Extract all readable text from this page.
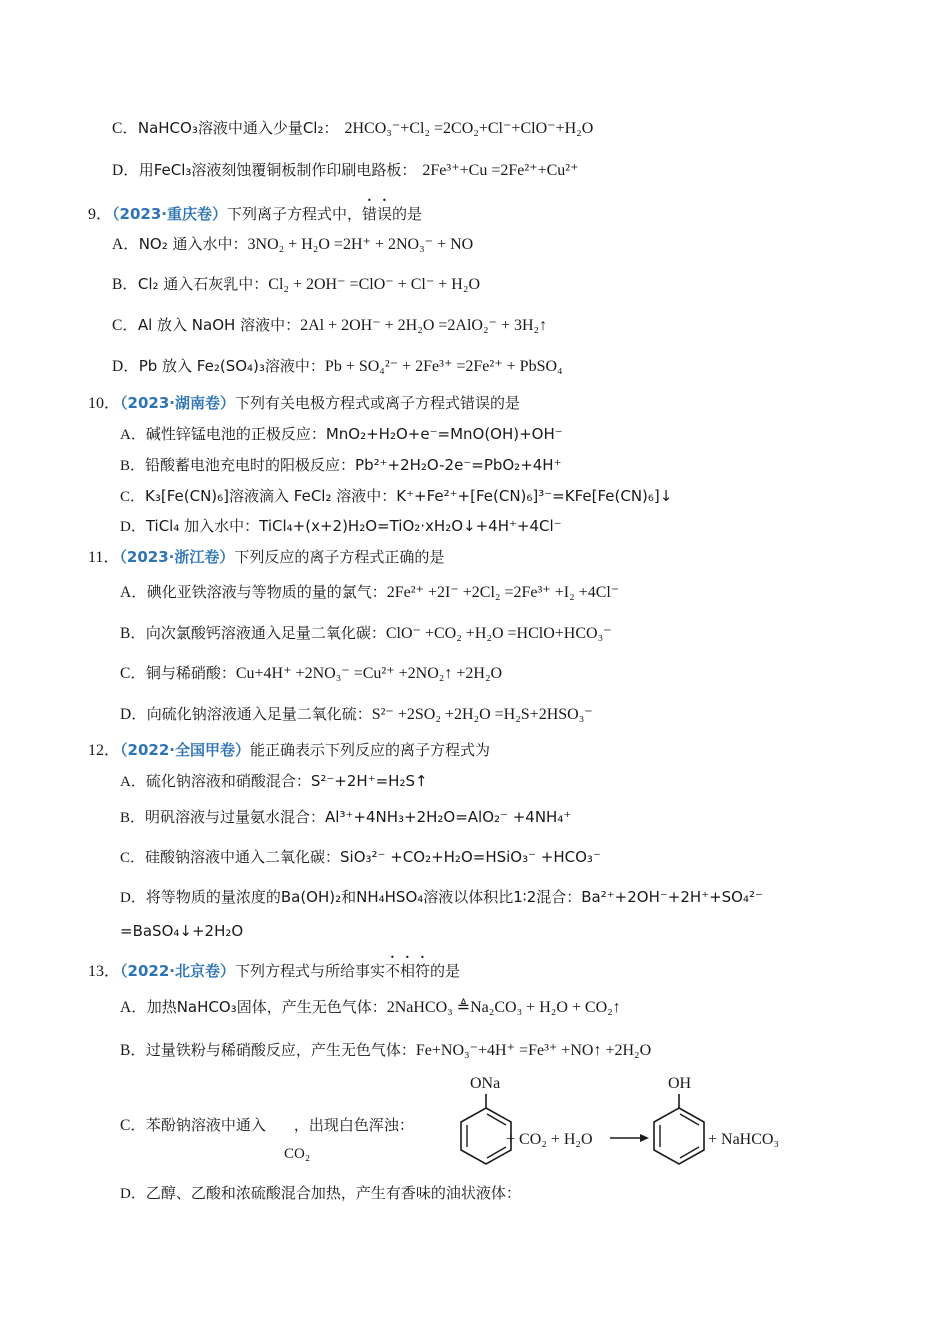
C．NaHCO₃溶液中通入少量Cl₂： 2HCO₃⁻+Cl₂ =2CO₂+Cl⁻+ClO⁻+H₂O
D．用FeCl₃溶液刻蚀覆铜板制作印刷电路板： 2Fe³⁺+Cu =2Fe²⁺+Cu²⁺
9．（2023·重庆卷）下列离子方程式中，错误的是
A．NO₂ 通入水中：3NO₂ + H₂O =2H⁺ + 2NO₃⁻ + NO
B．Cl₂ 通入石灰乳中：Cl₂ + 2OH⁻ =ClO⁻ + Cl⁻ + H₂O
C．Al 放入 NaOH 溶液中：2Al + 2OH⁻ + 2H₂O =2AlO₂⁻ + 3H₂↑
D．Pb 放入 Fe₂(SO₄)₃溶液中：Pb + SO₄²⁻ + 2Fe³⁺ =2Fe²⁺ + PbSO₄
10．（2023·湖南卷）下列有关电极方程式或离子方程式错误的是
A．碱性锌锰电池的正极反应：MnO₂+H₂O+e⁻=MnO(OH)+OH⁻
B．铅酸蓄电池充电时的阳极反应：Pb²⁺+2H₂O-2e⁻=PbO₂+4H⁺
C．K₃[Fe(CN)₆]溶液滴入 FeCl₂ 溶液中：K⁺+Fe²⁺+[Fe(CN)₆]³⁻=KFe[Fe(CN)₆]↓
D．TiCl₄ 加入水中：TiCl₄+(x+2)H₂O=TiO₂·xH₂O↓+4H⁺+4Cl⁻
11．（2023·浙江卷）下列反应的离子方程式正确的是
A．碘化亚铁溶液与等物质的量的氯气：2Fe²⁺ +2I⁻ +2Cl₂ =2Fe³⁺ +I₂ +4Cl⁻
B．向次氯酸钙溶液通入足量二氧化碳：ClO⁻ +CO₂ +H₂O =HClO+HCO₃⁻
C．铜与稀硝酸：Cu+4H⁺ +2NO₃⁻ =Cu²⁺ +2NO₂↑ +2H₂O
D．向硫化钠溶液通入足量二氧化硫：S²⁻ +2SO₂ +2H₂O =H₂S+2HSO₃⁻
12．（2022·全国甲卷）能正确表示下列反应的离子方程式为
A．硫化钠溶液和硝酸混合：S²⁻+2H⁺=H₂S↑
B．明矾溶液与过量氨水混合：Al³⁺+4NH₃+2H₂O=AlO₂⁻ +4NH₄⁺
C．硅酸钠溶液中通入二氧化碳：SiO₃²⁻ +CO₂+H₂O=HSiO₃⁻ +HCO₃⁻
D．将等物质的量浓度的Ba(OH)₂和NH₄HSO₄溶液以体积比1∶2混合：Ba²⁺+2OH⁻+2H⁺+SO₄²⁻
=BaSO₄↓+2H₂O
13．（2022·北京卷）下列方程式与所给事实不相符的是
A．加热NaHCO₃固体，产生无色气体：2NaHCO₃ ≜Na₂CO₃ + H₂O + CO₂↑
B．过量铁粉与稀硝酸反应，产生无色气体：Fe+NO₃⁻+4H⁺ =Fe³⁺ +NO↑ +2H₂O
C．苯酚钠溶液中通入 ，出现白色浑浊：
CO₂
ONa
+ CO₂ + H₂O
OH
+ NaHCO₃
D．乙醇、乙酸和浓硫酸混合加热，产生有香味的油状液体：
